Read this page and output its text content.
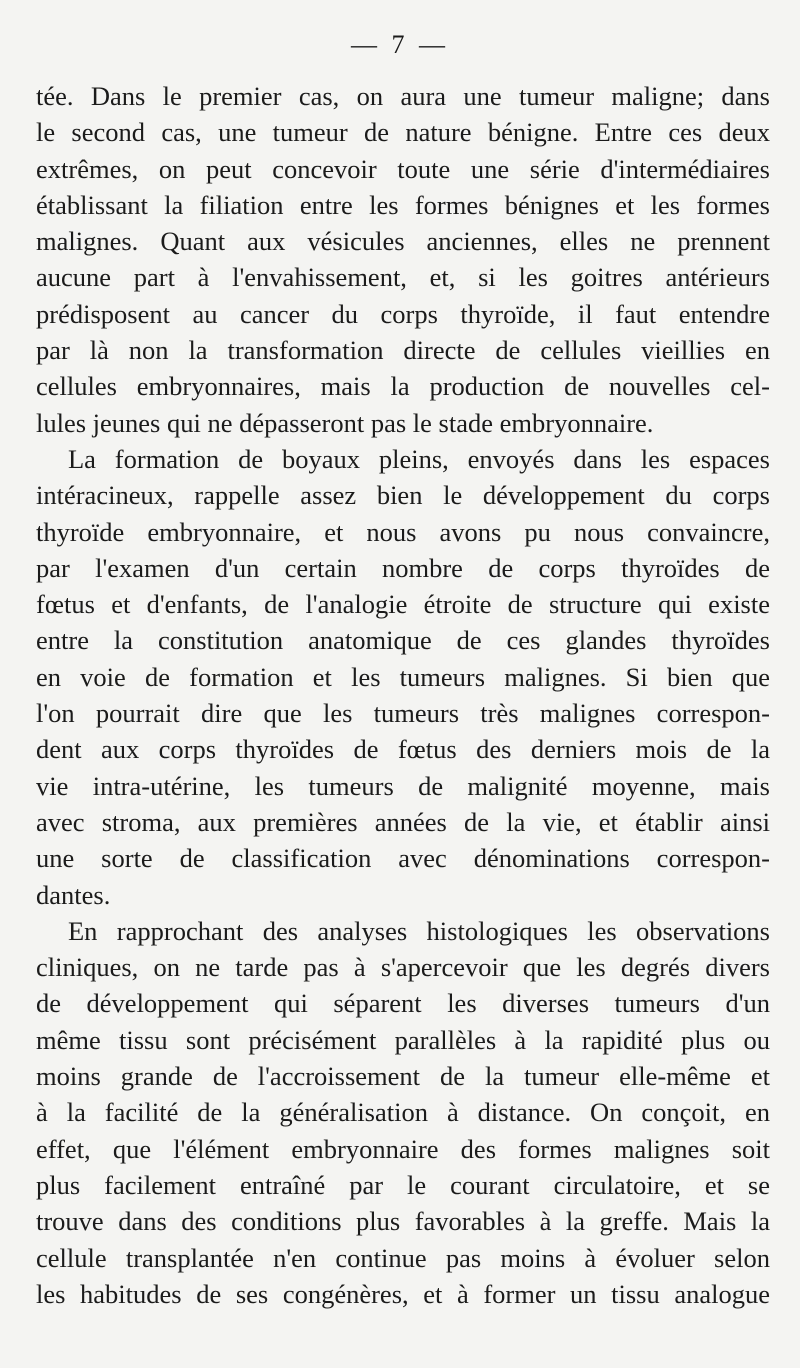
— 7 —
tée. Dans le premier cas, on aura une tumeur maligne; dans
le second cas, une tumeur de nature bénigne. Entre ces deux
extrêmes, on peut concevoir toute une série d'intermédiaires
établissant la filiation entre les formes bénignes et les formes
malignes. Quant aux vésicules anciennes, elles ne prennent
aucune part à l'envahissement, et, si les goitres antérieurs
prédisposent au cancer du corps thyroïde, il faut entendre
par là non la transformation directe de cellules vieillies en
cellules embryonnaires, mais la production de nouvelles cel-
lules jeunes qui ne dépasseront pas le stade embryonnaire.
La formation de boyaux pleins, envoyés dans les espaces
intéracineux, rappelle assez bien le développement du corps
thyroïde embryonnaire, et nous avons pu nous convaincre,
par l'examen d'un certain nombre de corps thyroïdes de
fœtus et d'enfants, de l'analogie étroite de structure qui existe
entre la constitution anatomique de ces glandes thyroïdes
en voie de formation et les tumeurs malignes. Si bien que
l'on pourrait dire que les tumeurs très malignes correspon-
dent aux corps thyroïdes de fœtus des derniers mois de la
vie intra-utérine, les tumeurs de malignité moyenne, mais
avec stroma, aux premières années de la vie, et établir ainsi
une sorte de classification avec dénominations correspon-
dantes.
En rapprochant des analyses histologiques les observations
cliniques, on ne tarde pas à s'apercevoir que les degrés divers
de développement qui séparent les diverses tumeurs d'un
même tissu sont précisément parallèles à la rapidité plus ou
moins grande de l'accroissement de la tumeur elle-même et
à la facilité de la généralisation à distance. On conçoit, en
effet, que l'élément embryonnaire des formes malignes soit
plus facilement entraîné par le courant circulatoire, et se
trouve dans des conditions plus favorables à la greffe. Mais la
cellule transplantée n'en continue pas moins à évoluer selon
les habitudes de ses congénères, et à former un tissu analogue
